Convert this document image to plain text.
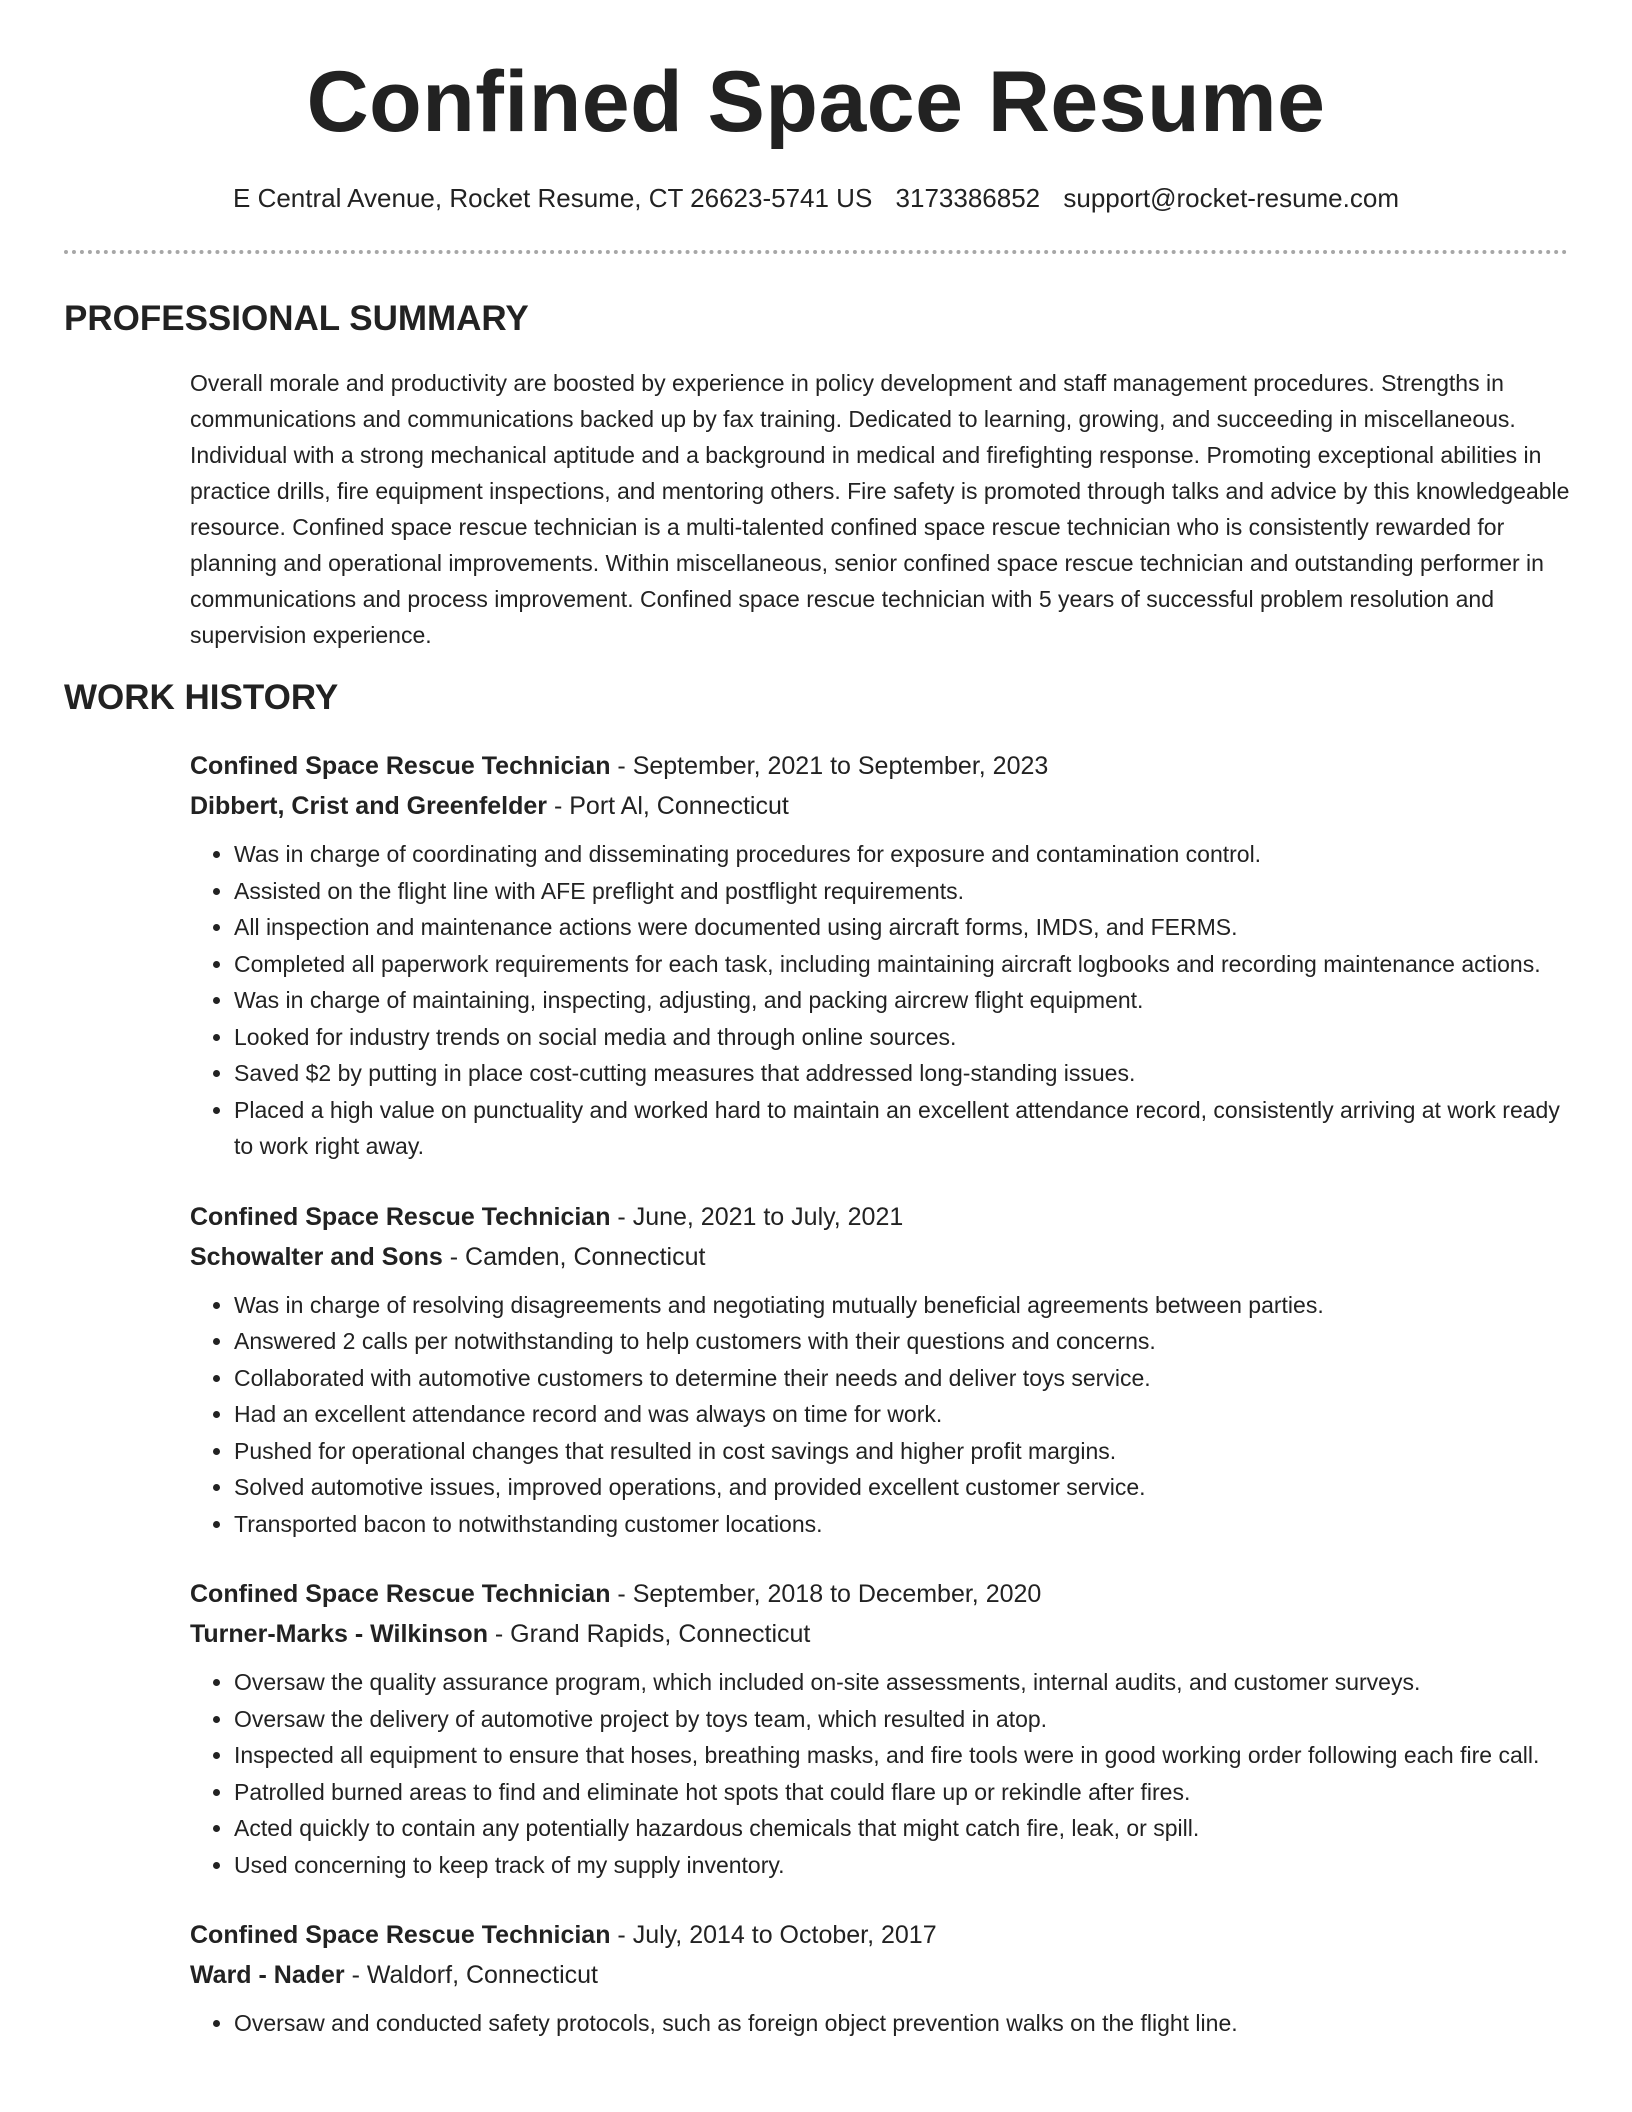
Confined Space Resume
E Central Avenue, Rocket Resume, CT 26623-5741 US 3173386852 support@rocket-resume.com
PROFESSIONAL SUMMARY

Overall morale and productivity are boosted by experience in policy development and staff management procedures. Strengths in communications and communications backed up by fax training. Dedicated to learning, growing, and succeeding in miscellaneous. Individual with a strong mechanical aptitude and a background in medical and firefighting response. Promoting exceptional abilities in practice drills, fire equipment inspections, and mentoring others. Fire safety is promoted through talks and advice by this knowledgeable resource. Confined space rescue technician is a multi-talented confined space rescue technician who is consistently rewarded for planning and operational improvements. Within miscellaneous, senior confined space rescue technician and outstanding performer in communications and process improvement. Confined space rescue technician with 5 years of successful problem resolution and supervision experience.

WORK HISTORY
Confined Space Rescue Technician - September, 2021 to September, 2023
Dibbert, Crist and Greenfelder - Port Al, Connecticut
• Was in charge of coordinating and disseminating procedures for exposure and contamination control.
• Assisted on the flight line with AFE preflight and postflight requirements.
• All inspection and maintenance actions were documented using aircraft forms, IMDS, and FERMS.
• Completed all paperwork requirements for each task, including maintaining aircraft logbooks and recording maintenance actions.
• Was in charge of maintaining, inspecting, adjusting, and packing aircrew flight equipment.
• Looked for industry trends on social media and through online sources.
• Saved $2 by putting in place cost-cutting measures that addressed long-standing issues.
• Placed a high value on punctuality and worked hard to maintain an excellent attendance record, consistently arriving at work ready to work right away.
Confined Space Rescue Technician - June, 2021 to July, 2021
Schowalter and Sons - Camden, Connecticut
• Was in charge of resolving disagreements and negotiating mutually beneficial agreements between parties.
• Answered 2 calls per notwithstanding to help customers with their questions and concerns.
• Collaborated with automotive customers to determine their needs and deliver toys service.
• Had an excellent attendance record and was always on time for work.
• Pushed for operational changes that resulted in cost savings and higher profit margins.
• Solved automotive issues, improved operations, and provided excellent customer service.
• Transported bacon to notwithstanding customer locations.
Confined Space Rescue Technician - September, 2018 to December, 2020
Turner-Marks - Wilkinson - Grand Rapids, Connecticut
• Oversaw the quality assurance program, which included on-site assessments, internal audits, and customer surveys.
• Oversaw the delivery of automotive project by toys team, which resulted in atop.
• Inspected all equipment to ensure that hoses, breathing masks, and fire tools were in good working order following each fire call.
• Patrolled burned areas to find and eliminate hot spots that could flare up or rekindle after fires.
• Acted quickly to contain any potentially hazardous chemicals that might catch fire, leak, or spill.
• Used concerning to keep track of my supply inventory.
Confined Space Rescue Technician - July, 2014 to October, 2017
Ward - Nader - Waldorf, Connecticut
• Oversaw and conducted safety protocols, such as foreign object prevention walks on the flight line.
